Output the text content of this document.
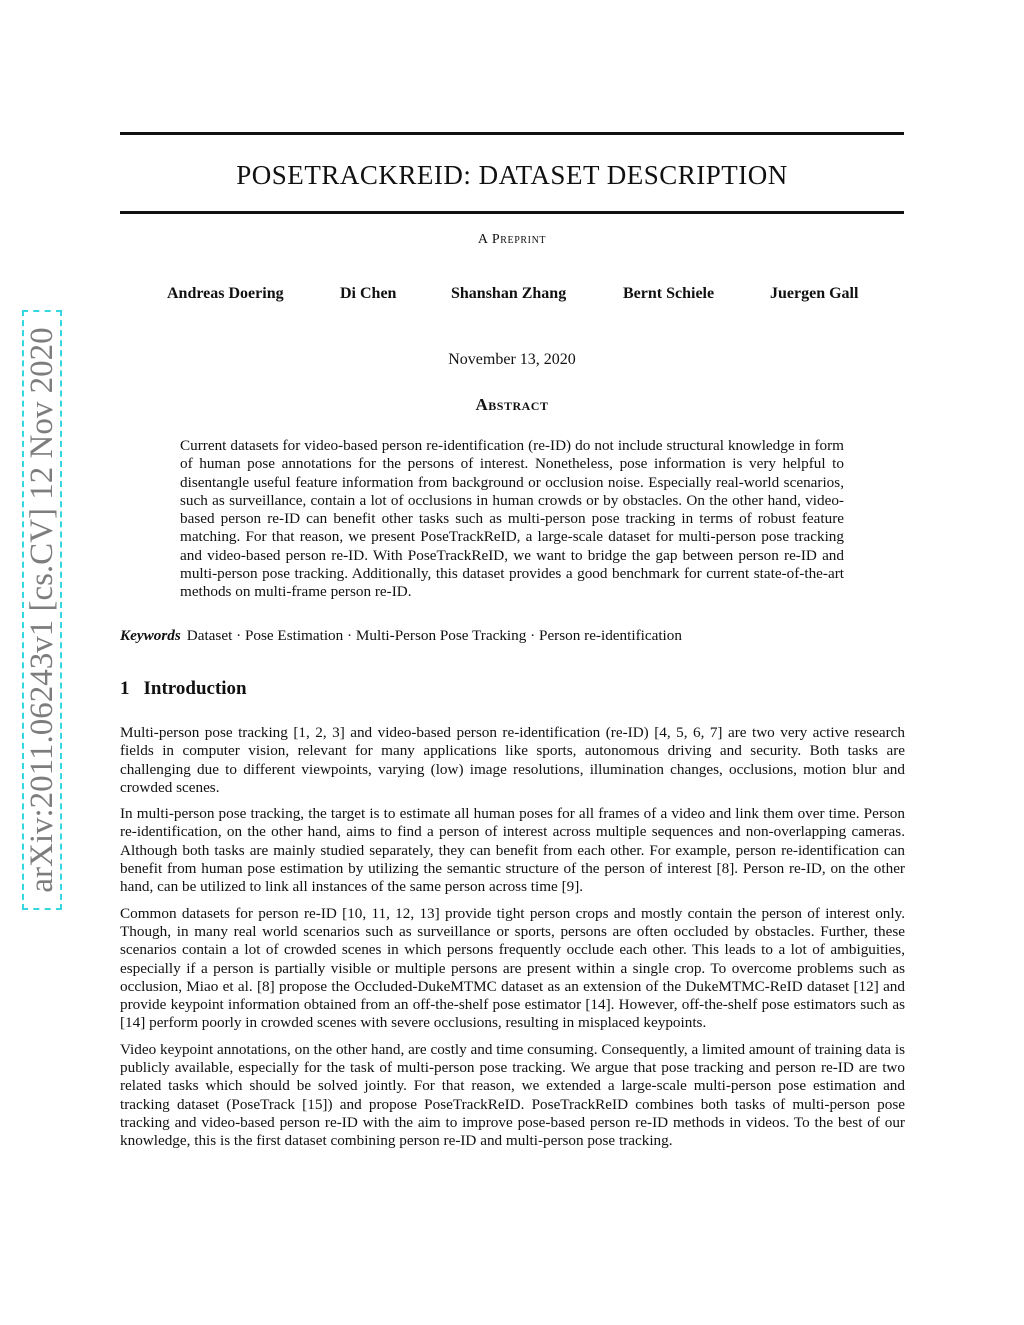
arXiv:2011.06243v1 [cs.CV] 12 Nov 2020
POSETRACKREID: DATASET DESCRIPTION
A Preprint
Andreas Doering	Di Chen	Shanshan Zhang	Bernt Schiele	Juergen Gall
November 13, 2020
Abstract

Current datasets for video-based person re-identification (re-ID) do not include structural knowledge in form of human pose annotations for the persons of interest. Nonetheless, pose information is very helpful to disentangle useful feature information from background or occlusion noise. Especially real-world scenarios, such as surveillance, contain a lot of occlusions in human crowds or by obstacles. On the other hand, video-based person re-ID can benefit other tasks such as multi-person pose tracking in terms of robust feature matching. For that reason, we present PoseTrackReID, a large-scale dataset for multi-person pose tracking and video-based person re-ID. With PoseTrackReID, we want to bridge the gap between person re-ID and multi-person pose tracking. Additionally, this dataset provides a good benchmark for current state-of-the-art methods on multi-frame person re-ID.

Keywords Dataset · Pose Estimation · Multi-Person Pose Tracking · Person re-identification
1 Introduction

Multi-person pose tracking [1, 2, 3] and video-based person re-identification (re-ID) [4, 5, 6, 7] are two very active research fields in computer vision, relevant for many applications like sports, autonomous driving and security. Both tasks are challenging due to different viewpoints, varying (low) image resolutions, illumination changes, occlusions, motion blur and crowded scenes.

In multi-person pose tracking, the target is to estimate all human poses for all frames of a video and link them over time. Person re-identification, on the other hand, aims to find a person of interest across multiple sequences and non-overlapping cameras. Although both tasks are mainly studied separately, they can benefit from each other. For example, person re-identification can benefit from human pose estimation by utilizing the semantic structure of the person of interest [8]. Person re-ID, on the other hand, can be utilized to link all instances of the same person across time [9].

Common datasets for person re-ID [10, 11, 12, 13] provide tight person crops and mostly contain the person of interest only. Though, in many real world scenarios such as surveillance or sports, persons are often occluded by obstacles. Further, these scenarios contain a lot of crowded scenes in which persons frequently occlude each other. This leads to a lot of ambiguities, especially if a person is partially visible or multiple persons are present within a single crop. To overcome problems such as occlusion, Miao et al. [8] propose the Occluded-DukeMTMC dataset as an extension of the DukeMTMC-ReID dataset [12] and provide keypoint information obtained from an off-the-shelf pose estimator [14]. However, off-the-shelf pose estimators such as [14] perform poorly in crowded scenes with severe occlusions, resulting in misplaced keypoints.

Video keypoint annotations, on the other hand, are costly and time consuming. Consequently, a limited amount of training data is publicly available, especially for the task of multi-person pose tracking. We argue that pose tracking and person re-ID are two related tasks which should be solved jointly. For that reason, we extended a large-scale multi-person pose estimation and tracking dataset (PoseTrack [15]) and propose PoseTrackReID. PoseTrackReID combines both tasks of multi-person pose tracking and video-based person re-ID with the aim to improve pose-based person re-ID methods in videos. To the best of our knowledge, this is the first dataset combining person re-ID and multi-person pose tracking.
